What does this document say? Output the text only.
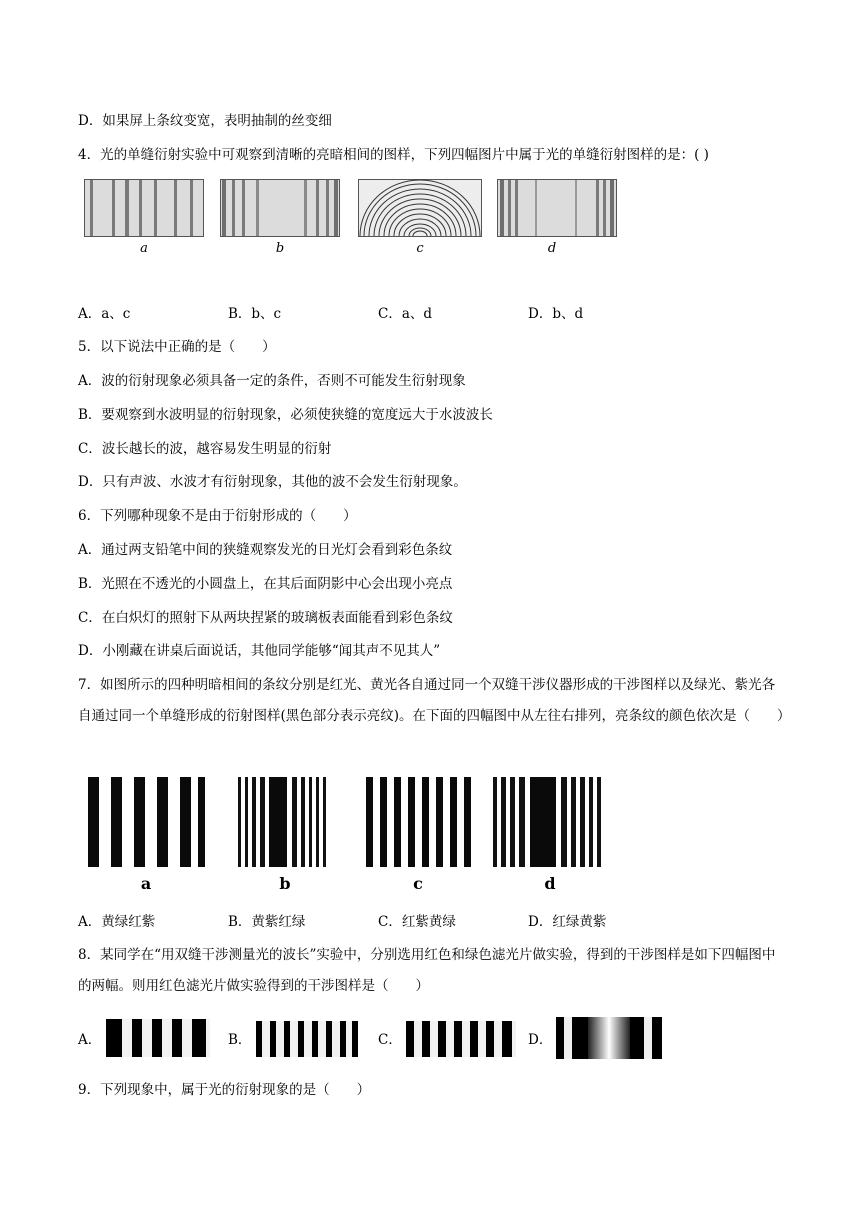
D．如果屏上条纹变宽，表明抽制的丝变细
4．光的单缝衍射实验中可观察到清晰的亮暗相间的图样，下列四幅图片中属于光的单缝衍射图样的是：( )
a	b	c	d
A．a、c	B．b、c	C．a、d	D．b、d
5．以下说法中正确的是（　　）
A．波的衍射现象必须具备一定的条件，否则不可能发生衍射现象
B．要观察到水波明显的衍射现象，必须使狭缝的宽度远大于水波波长
C．波长越长的波，越容易发生明显的衍射
D．只有声波、水波才有衍射现象，其他的波不会发生衍射现象。
6．下列哪种现象不是由于衍射形成的（　　）
A．通过两支铅笔中间的狭缝观察发光的日光灯会看到彩色条纹
B．光照在不透光的小圆盘上，在其后面阴影中心会出现小亮点
C．在白炽灯的照射下从两块捏紧的玻璃板表面能看到彩色条纹
D．小刚藏在讲桌后面说话，其他同学能够“闻其声不见其人”
7．如图所示的四种明暗相间的条纹分别是红光、黄光各自通过同一个双缝干涉仪器形成的干涉图样以及绿光、紫光各自通过同一个单缝形成的衍射图样(黑色部分表示亮纹)。在下面的四幅图中从左往右排列，亮条纹的颜色依次是（　　）
a	b	c	d
A．黄绿红紫	B．黄紫红绿	C．红紫黄绿	D．红绿黄紫
8．某同学在“用双缝干涉测量光的波长”实验中，分别选用红色和绿色滤光片做实验，得到的干涉图样是如下四幅图中的两幅。则用红色滤光片做实验得到的干涉图样是（　　）
A．	B．	C．	D．
9．下列现象中，属于光的衍射现象的是（　　）
